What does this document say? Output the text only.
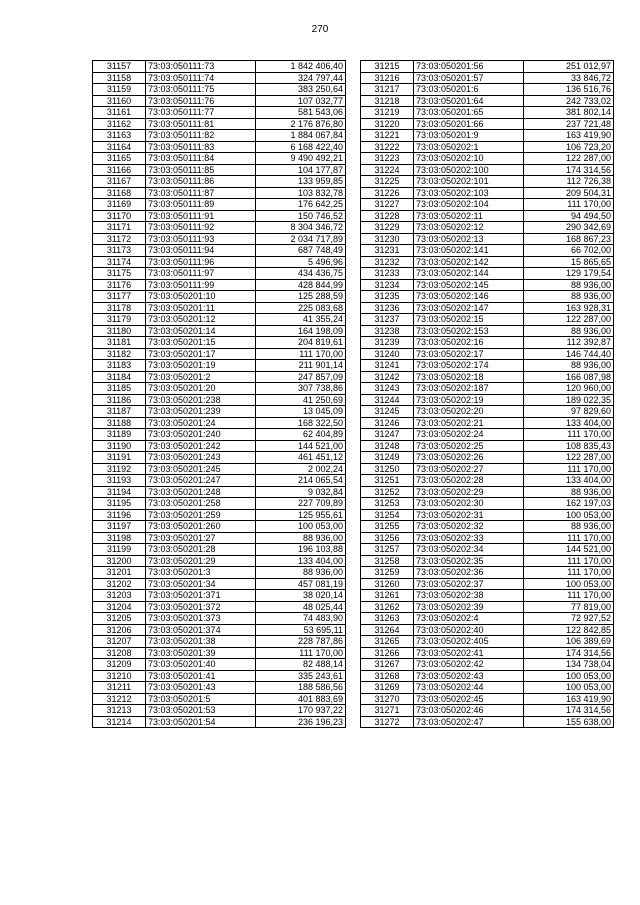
270
31157	73:03:050111:73	1 842 406,40
31158	73:03:050111:74	324 797,44
31159	73:03:050111:75	383 250,64
31160	73:03:050111:76	107 032,77
31161	73:03:050111:77	581 543,06
31162	73:03:050111:81	2 176 876,80
31163	73:03:050111:82	1 884 067,84
31164	73:03:050111:83	6 168 422,40
31165	73:03:050111:84	9 490 492,21
31166	73:03:050111:85	104 177,87
31167	73:03:050111:86	133 959,85
31168	73:03:050111:87	103 832,78
31169	73:03:050111:89	176 642,25
31170	73:03:050111:91	150 746,52
31171	73:03:050111:92	8 304 346,72
31172	73:03:050111:93	2 034 717,89
31173	73:03:050111:94	687 748,49
31174	73:03:050111:96	5 496,96
31175	73:03:050111:97	434 436,75
31176	73:03:050111:99	428 844,99
31177	73:03:050201:10	125 288,59
31178	73:03:050201:11	225 083,68
31179	73:03:050201:12	41 355,24
31180	73:03:050201:14	164 198,09
31181	73:03:050201:15	204 819,61
31182	73:03:050201:17	111 170,00
31183	73:03:050201:19	211 901,14
31184	73:03:050201:2	247 857,09
31185	73:03:050201:20	307 738,86
31186	73:03:050201:238	41 250,69
31187	73:03:050201:239	13 045,09
31188	73:03:050201:24	168 322,50
31189	73:03:050201:240	62 404,89
31190	73:03:050201:242	144 521,00
31191	73:03:050201:243	461 451,12
31192	73:03:050201:245	2 002,24
31193	73:03:050201:247	214 065,54
31194	73:03:050201:248	9 032,84
31195	73:03:050201:258	227 709,89
31196	73:03:050201:259	125 955,61
31197	73:03:050201:260	100 053,00
31198	73:03:050201:27	88 936,00
31199	73:03:050201:28	196 103,88
31200	73:03:050201:29	133 404,00
31201	73:03:050201:3	88 936,00
31202	73:03:050201:34	457 081,19
31203	73:03:050201:371	38 020,14
31204	73:03:050201:372	48 025,44
31205	73:03:050201:373	74 483,90
31206	73:03:050201:374	53 695,11
31207	73:03:050201:38	228 787,86
31208	73:03:050201:39	111 170,00
31209	73:03:050201:40	82 488,14
31210	73:03:050201:41	335 243,61
31211	73:03:050201:43	188 586,56
31212	73:03:050201:5	401 883,69
31213	73:03:050201:53	170 937,22
31214	73:03:050201:54	236 196,23
31215	73:03:050201:56	251 012,97
31216	73:03:050201:57	33 846,72
31217	73:03:050201:6	136 516,76
31218	73:03:050201:64	242 733,02
31219	73:03:050201:65	381 802,14
31220	73:03:050201:66	237 721,48
31221	73:03:050201:9	163 419,90
31222	73:03:050202:1	106 723,20
31223	73:03:050202:10	122 287,00
31224	73:03:050202:100	174 314,56
31225	73:03:050202:101	112 726,38
31226	73:03:050202:103	209 504,31
31227	73:03:050202:104	111 170,00
31228	73:03:050202:11	94 494,50
31229	73:03:050202:12	290 342,69
31230	73:03:050202:13	168 867,23
31231	73:03:050202:141	66 702,00
31232	73:03:050202:142	15 865,65
31233	73:03:050202:144	129 179,54
31234	73:03:050202:145	88 936,00
31235	73:03:050202:146	88 936,00
31236	73:03:050202:147	163 928,31
31237	73:03:050202:15	122 287,00
31238	73:03:050202:153	88 936,00
31239	73:03:050202:16	112 392,87
31240	73:03:050202:17	146 744,40
31241	73:03:050202:174	88 936,00
31242	73:03:050202:18	166 087,98
31243	73:03:050202:187	120 960,00
31244	73:03:050202:19	189 022,35
31245	73:03:050202:20	97 829,60
31246	73:03:050202:21	133 404,00
31247	73:03:050202:24	111 170,00
31248	73:03:050202:25	108 835,43
31249	73:03:050202:26	122 287,00
31250	73:03:050202:27	111 170,00
31251	73:03:050202:28	133 404,00
31252	73:03:050202:29	88 936,00
31253	73:03:050202:30	162 197,03
31254	73:03:050202:31	100 053,00
31255	73:03:050202:32	88 936,00
31256	73:03:050202:33	111 170,00
31257	73:03:050202:34	144 521,00
31258	73:03:050202:35	111 170,00
31259	73:03:050202:36	111 170,00
31260	73:03:050202:37	100 053,00
31261	73:03:050202:38	111 170,00
31262	73:03:050202:39	77 819,00
31263	73:03:050202:4	72 927,52
31264	73:03:050202:40	122 842,85
31265	73:03:050202:405	106 389,69
31266	73:03:050202:41	174 314,56
31267	73:03:050202:42	134 738,04
31268	73:03:050202:43	100 053,00
31269	73:03:050202:44	100 053,00
31270	73:03:050202:45	163 419,90
31271	73:03:050202:46	174 314,56
31272	73:03:050202:47	155 638,00
